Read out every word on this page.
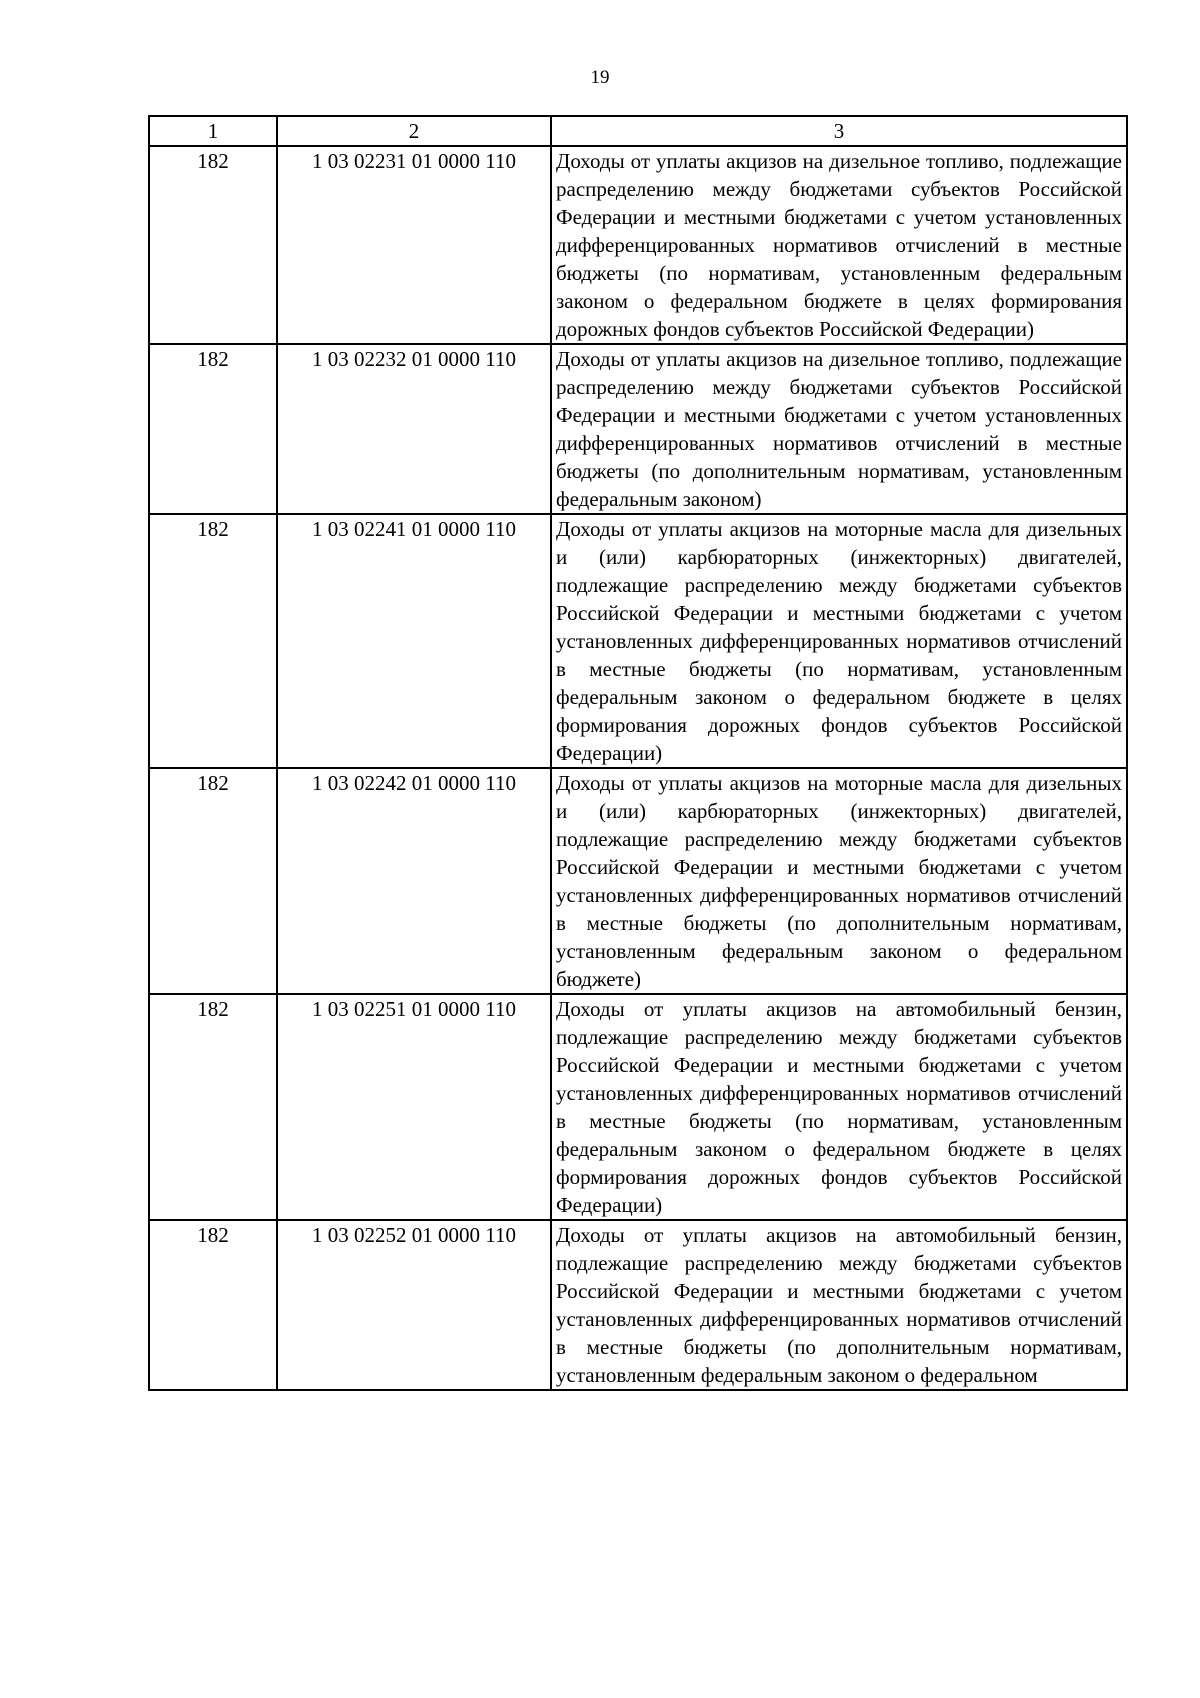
19
1	2	3
182	1 03 02231 01 0000 110	Доходы от уплаты акцизов на дизельное топливо, подлежащие распределению между бюджетами субъектов Российской Федерации и местными бюджетами с учетом установленных дифференцированных нормативов отчислений в местные бюджеты (по нормативам, установленным федеральным законом о федеральном бюджете в целях формирования дорожных фондов субъектов Российской Федерации)
182	1 03 02232 01 0000 110	Доходы от уплаты акцизов на дизельное топливо, подлежащие распределению между бюджетами субъектов Российской Федерации и местными бюджетами с учетом установленных дифференцированных нормативов отчислений в местные бюджеты (по дополнительным нормативам, установленным федеральным законом)
182	1 03 02241 01 0000 110	Доходы от уплаты акцизов на моторные масла для дизельных и (или) карбюраторных (инжекторных) двигателей, подлежащие распределению между бюджетами субъектов Российской Федерации и местными бюджетами с учетом установленных дифференцированных нормативов отчислений в местные бюджеты (по нормативам, установленным федеральным законом о федеральном бюджете в целях формирования дорожных фондов субъектов Российской Федерации)
182	1 03 02242 01 0000 110	Доходы от уплаты акцизов на моторные масла для дизельных и (или) карбюраторных (инжекторных) двигателей, подлежащие распределению между бюджетами субъектов Российской Федерации и местными бюджетами с учетом установленных дифференцированных нормативов отчислений в местные бюджеты (по дополнительным нормативам, установленным федеральным законом о федеральном бюджете)
182	1 03 02251 01 0000 110	Доходы от уплаты акцизов на автомобильный бензин, подлежащие распределению между бюджетами субъектов Российской Федерации и местными бюджетами с учетом установленных дифференцированных нормативов отчислений в местные бюджеты (по нормативам, установленным федеральным законом о федеральном бюджете в целях формирования дорожных фондов субъектов Российской Федерации)
182	1 03 02252 01 0000 110	Доходы от уплаты акцизов на автомобильный бензин, подлежащие распределению между бюджетами субъектов Российской Федерации и местными бюджетами с учетом установленных дифференцированных нормативов отчислений в местные бюджеты (по дополнительным нормативам, установленным федеральным законом о федеральном
